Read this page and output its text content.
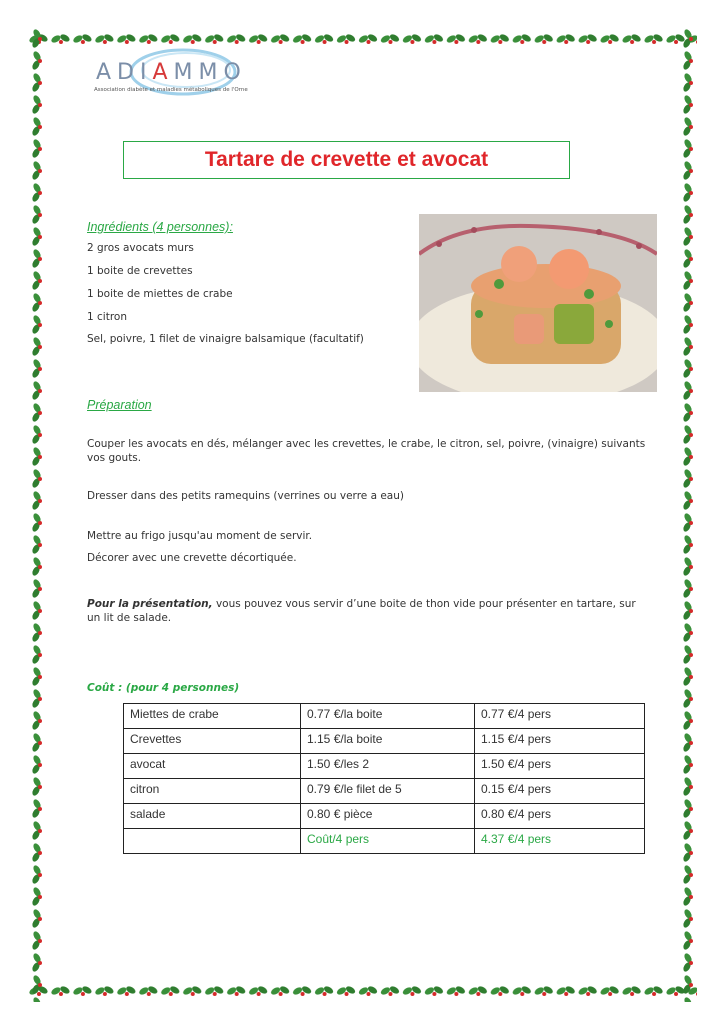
ADIAMMO
Association diabète et maladies métaboliques de l'Orne
Tartare de crevette et avocat
Ingrédients (4 personnes):
2 gros avocats murs
1 boite de crevettes
1 boite de miettes de crabe
1 citron
Sel, poivre, 1 filet de vinaigre balsamique (facultatif)
Préparation
Couper les avocats en dés, mélanger avec les crevettes, le crabe, le citron, sel, poivre, (vinaigre) suivants vos gouts.
Dresser dans des petits ramequins (verrines ou verre a eau)
Mettre au frigo jusqu'au moment de servir.
Décorer avec une crevette décortiquée.
Pour la présentation, vous pouvez vous servir d’une boite de thon vide pour présenter en tartare, sur un lit de salade.
Coût : (pour 4 personnes)
Miettes de crabe	0.77 €/la boite	0.77 €/4 pers
Crevettes	1.15 €/la boite	1.15 €/4 pers
avocat	1.50 €/les 2	1.50 €/4 pers
citron	0.79 €/le filet de 5	0.15 €/4 pers
salade	0.80 € pièce	0.80 €/4 pers
	Coût/4 pers	4.37 €/4 pers
